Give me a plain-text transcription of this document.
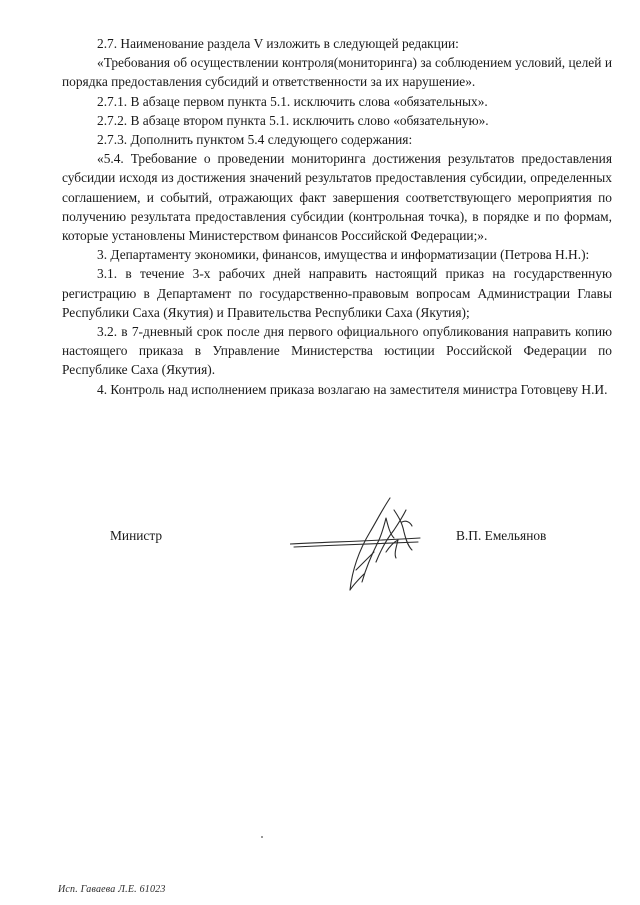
2.7. Наименование раздела V изложить в следующей редакции:

«Требования об осуществлении контроля(мониторинга) за соблюдением условий, целей и порядка предоставления субсидий и ответственности за их нарушение».

2.7.1. В абзаце первом пункта 5.1. исключить слова «обязательных».

2.7.2. В абзаце втором пункта 5.1. исключить слово «обязательную».

2.7.3. Дополнить пунктом 5.4 следующего содержания:

«5.4. Требование о проведении мониторинга достижения результатов предоставления субсидии исходя из достижения значений результатов предоставления субсидии, определенных соглашением, и событий, отражающих факт завершения соответствующего мероприятия по получению результата предоставления субсидии (контрольная точка), в порядке и по формам, которые установлены Министерством финансов Российской Федерации;».

3. Департаменту экономики, финансов, имущества и информатизации (Петрова Н.Н.):

3.1. в течение 3-х рабочих дней направить настоящий приказ на государственную регистрацию в Департамент по государственно-правовым вопросам Администрации Главы Республики Саха (Якутия) и Правительства Республики Саха (Якутия);

3.2. в 7-дневный срок после дня первого официального опубликования направить копию настоящего приказа в Управление Министерства юстиции Российской Федерации по Республике Саха (Якутия).

4. Контроль над исполнением приказа возлагаю на заместителя министра Готовцеву Н.И.

Министр	В.П. Емельянов
Исп. Гаваева Л.Е. 61023
